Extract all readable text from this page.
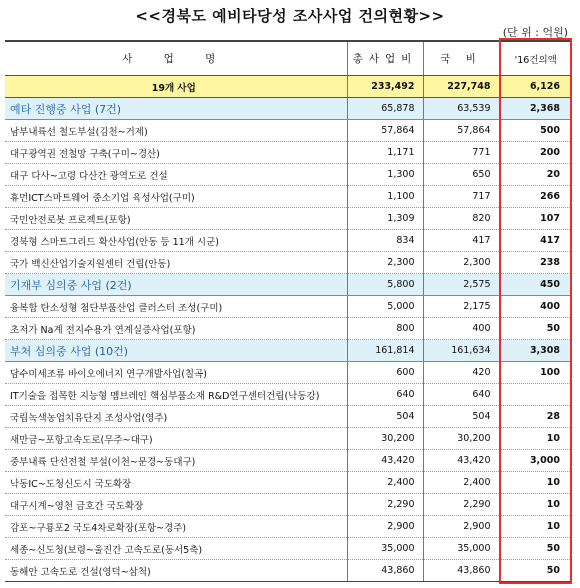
<<경북도 예비타당성 조사사업 건의현황>>
(단 위 : 억원)
사 업 명	총사업비	국 비	'16건의액
19개 사업	233,492	227,748	6,126
예타 진행중 사업 (7건)	65,878	63,539	2,368
남부내륙선 철도부설(김천~거제)	57,864	57,864	500
대구광역권 전철망 구축(구미~경산)	1,171	771	200
대구 다사~고령 다산간 광역도로 건설	1,300	650	20
휴먼ICT스마트웨어 중소기업 육성사업(구미)	1,100	717	266
국민안전로봇 프로젝트(포항)	1,309	820	107
경북형 스마트그리드 확산사업(안동 등 11개 시군)	834	417	417
국가 백신산업기술지원센터 건립(안동)	2,300	2,300	238
기재부 심의중 사업 (2건)	5,800	2,575	450
융복합 탄소성형 첨단부품산업 클러스터 조성(구미)	5,000	2,175	400
초저가 Na계 전지수용가 연계실증사업(포항)	800	400	50
부처 심의중 사업 (10건)	161,814	161,634	3,308
담수미세조류 바이오에너지 연구개발사업(칠곡)	600	420	100
IT기술을 접목한 지능형 멤브레인 핵심부품소재 R&D연구센터건립(낙동강)	640	640	
국립녹색농업치유단지 조성사업(영주)	504	504	28
새만금~포항고속도로(무주~대구)	30,200	30,200	10
중부내륙 단선전철 부설(이천~문경~동대구)	43,420	43,420	3,000
낙동IC~도청신도시 국도확장	2,400	2,400	10
대구시계~영천 금호간 국도확장	2,290	2,290	10
감포~구룡포2 국도4차로확장(포항~경주)	2,900	2,900	10
세종~신도청(보령~울진간 고속도로(동서5축)	35,000	35,000	50
동해안 고속도로 건설(영덕~삼척)	43,860	43,860	50
